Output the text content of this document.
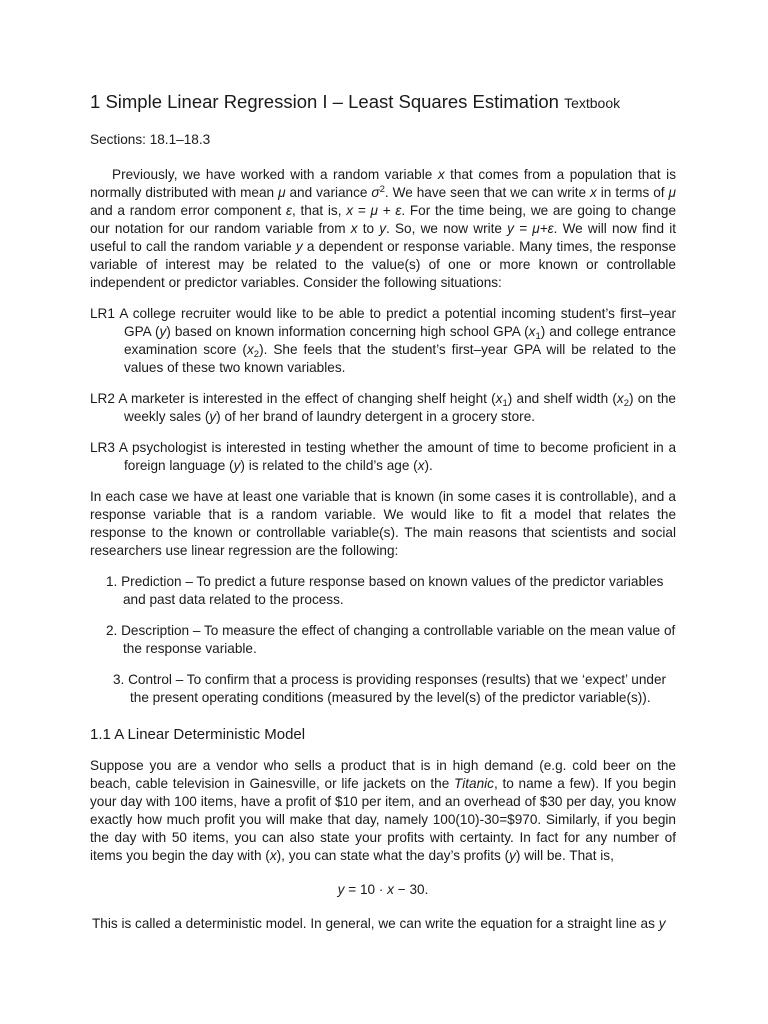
1 Simple Linear Regression I – Least Squares Estimation Textbook
Sections: 18.1–18.3

Previously, we have worked with a random variable x that comes from a population that is normally distributed with mean μ and variance $\sigma^2$. We have seen that we can write x in terms of μ and a random error component ε, that is, x = μ + ε. For the time being, we are going to change our notation for our random variable from x to y. So, we now write y = μ+ε. We will now find it useful to call the random variable y a dependent or response variable. Many times, the response variable of interest may be related to the value(s) of one or more known or controllable independent or predictor variables. Consider the following situations:

LR1 A college recruiter would like to be able to predict a potential incoming student’s first–year GPA (y) based on known information concerning high school GPA $(x_1)$ and college entrance examination score $(x_2)$. She feels that the student’s first–year GPA will be related to the values of these two known variables.

LR2 A marketer is interested in the effect of changing shelf height $(x_1)$ and shelf width $(x_2)$ on the weekly sales (y) of her brand of laundry detergent in a grocery store.

LR3 A psychologist is interested in testing whether the amount of time to become proficient in a foreign language (y) is related to the child’s age (x).

In each case we have at least one variable that is known (in some cases it is controllable), and a response variable that is a random variable. We would like to fit a model that relates the response to the known or controllable variable(s). The main reasons that scientists and social researchers use linear regression are the following:

1. Prediction – To predict a future response based on known values of the predictor variables and past data related to the process.

2. Description – To measure the effect of changing a controllable variable on the mean value of the response variable.

3. Control – To confirm that a process is providing responses (results) that we ‘expect’ under the present operating conditions (measured by the level(s) of the predictor variable(s)).

1.1 A Linear Deterministic Model

Suppose you are a vendor who sells a product that is in high demand (e.g. cold beer on the beach, cable television in Gainesville, or life jackets on the Titanic, to name a few). If you begin your day with 100 items, have a profit of $10 per item, and an overhead of $30 per day, you know exactly how much profit you will make that day, namely 100(10)-30=$970. Similarly, if you begin the day with 50 items, you can also state your profits with certainty. In fact for any number of items you begin the day with (x), you can state what the day’s profits (y) will be. That is,

y = 10 · x − 30.

This is called a deterministic model. In general, we can write the equation for a straight line as y
